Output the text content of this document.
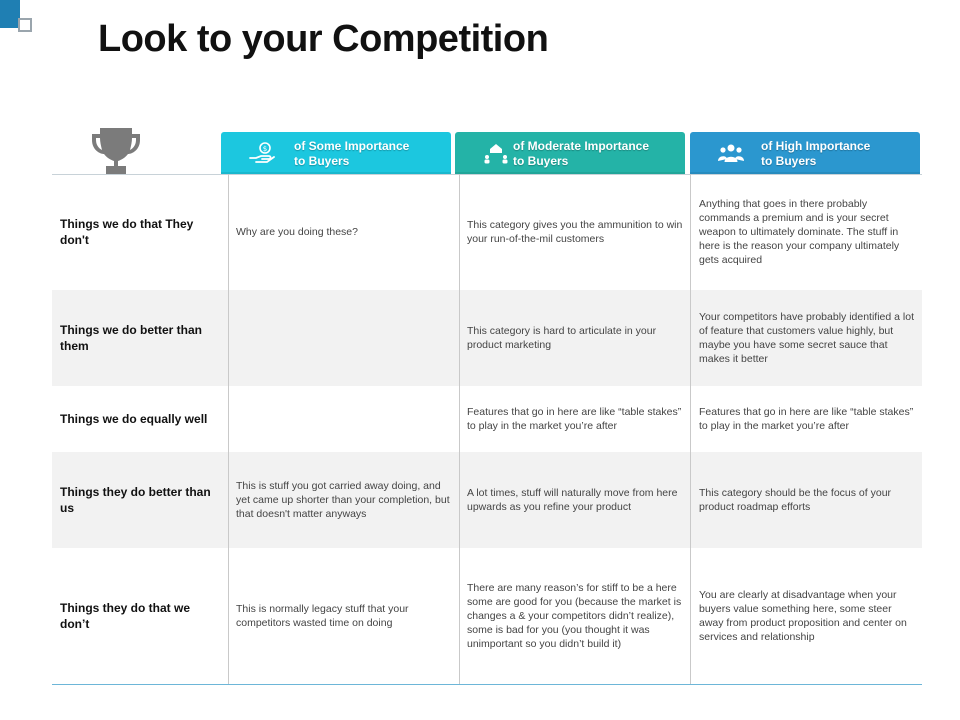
Look to your Competition
$ of Some Importance
to Buyers
of Moderate Importance
to Buyers
of High Importance
to Buyers
Things we do that They don't
Why are you doing these?
This category gives you the ammunition to win your run-of-the-mil customers
Anything that goes in there probably commands a premium and is your secret weapon to ultimately dominate. The stuff in here is the reason your company ultimately gets acquired
Things we do better than them
This category is hard to articulate in your product marketing
Your competitors have probably identified a lot of feature that customers value highly, but maybe you have some secret sauce that makes it better
Things we do equally well	Features that go in here are like “table stakes” to play in the market you’re after
Features that go in here are like “table stakes” to play in the market you’re after
Things they do better than us
This is stuff you got carried away doing, and yet came up shorter than your completion, but that doesn't matter anyways
A lot times, stuff will naturally move from here upwards as you refine your product
This category should be the focus of your product roadmap efforts
Things they do that we don’t
This is normally legacy stuff that your competitors wasted time on doing
There are many reason’s for stiff to be a here some are good for you (because the market is changes a & your competitors didn’t realize), some is bad for you (you thought it was unimportant so you didn’t build it)
You are clearly at disadvantage when your buyers value something here, some steer away from product proposition and center on services and relationship
